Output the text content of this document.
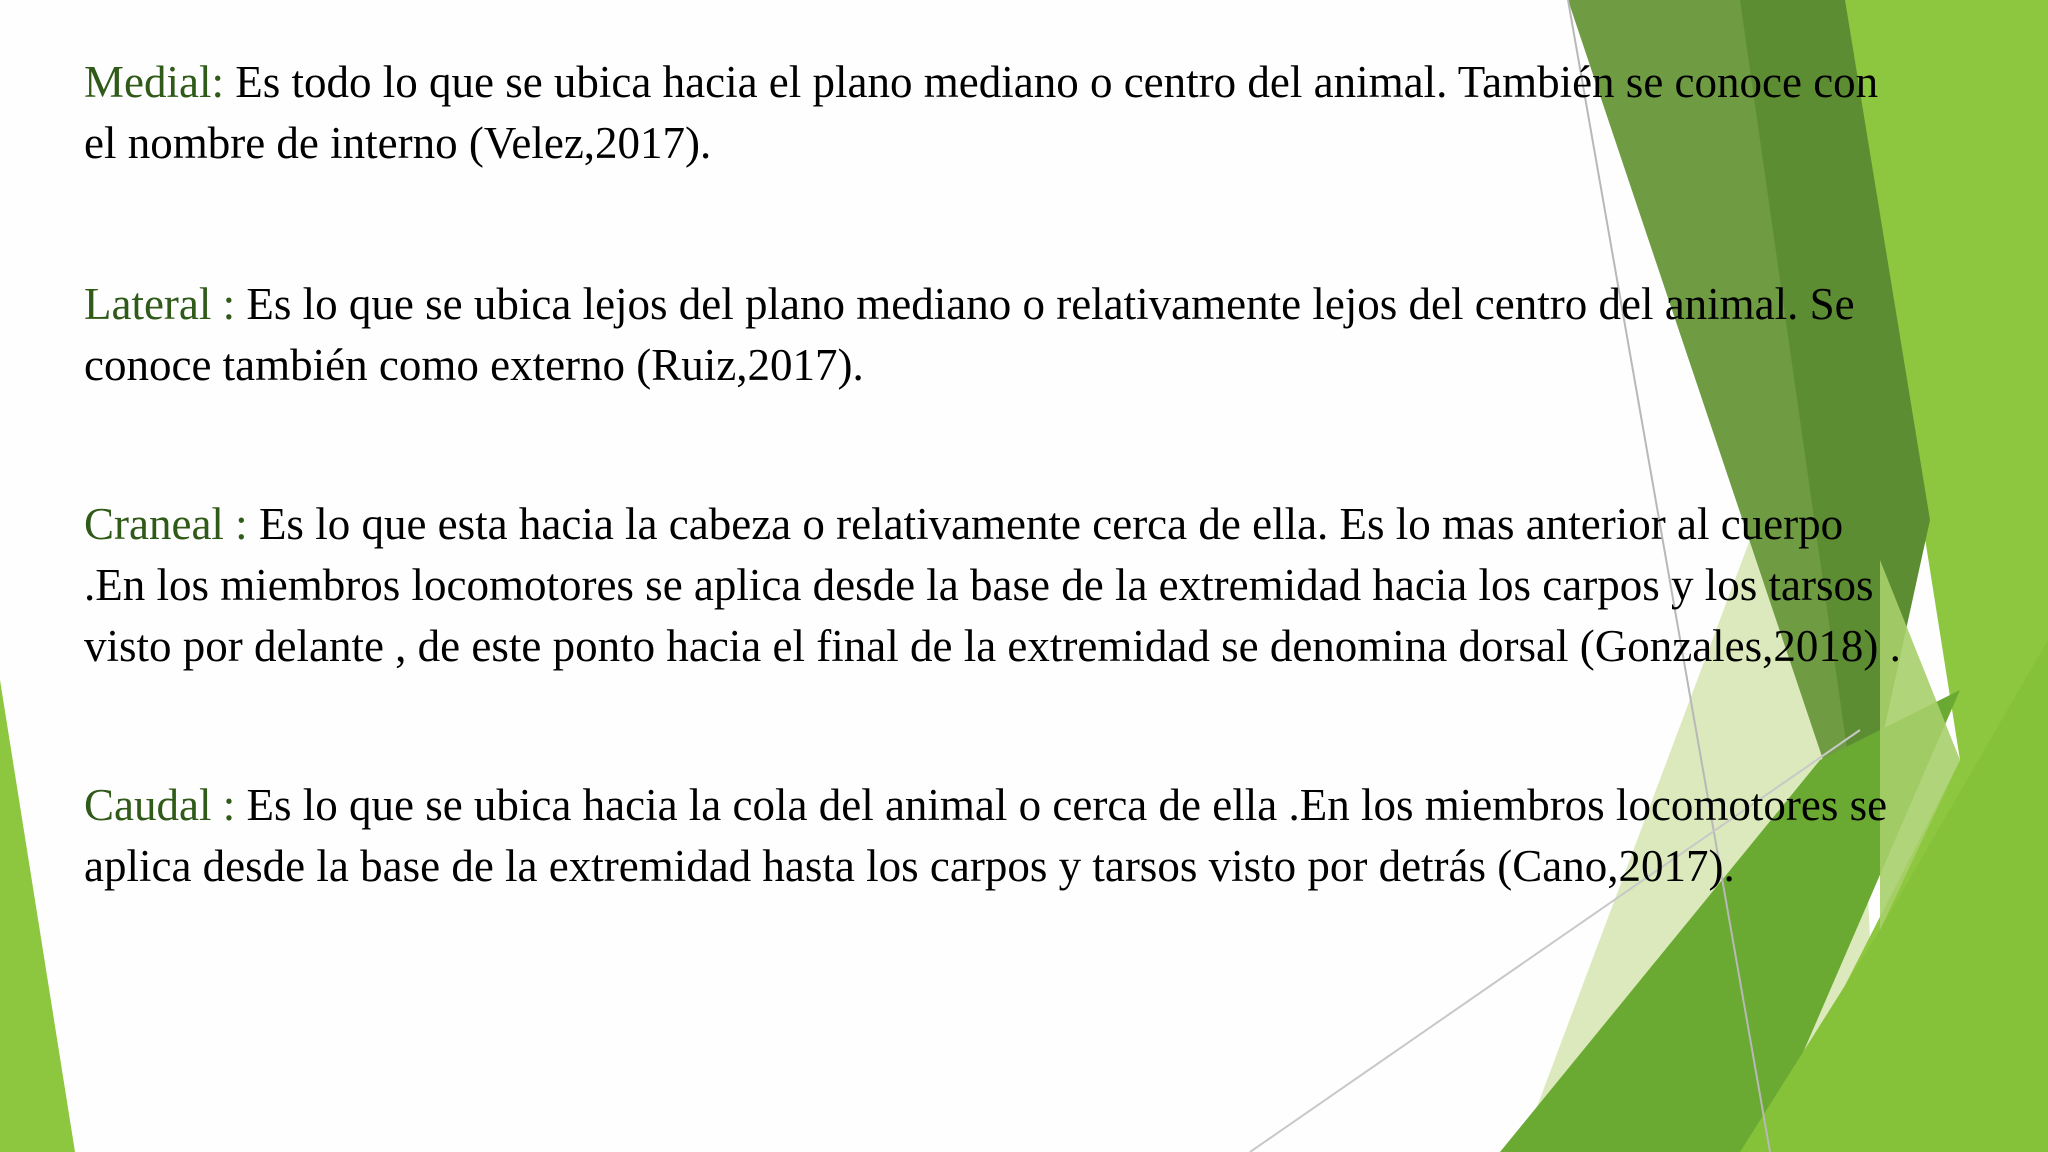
Medial: Es todo lo que se ubica hacia el plano mediano o centro del animal. También se conoce con el nombre de interno (Velez,2017).

Lateral : Es lo que se ubica lejos del plano mediano o relativamente lejos del centro del animal. Se conoce también como externo (Ruiz,2017).

Craneal : Es lo que esta hacia la cabeza o relativamente cerca de ella. Es lo mas anterior al cuerpo .En los miembros locomotores se aplica desde la base de la extremidad hacia los carpos y los tarsos visto por delante , de este ponto hacia el final de la extremidad se denomina dorsal (Gonzales,2018) .

Caudal : Es lo que se ubica hacia la cola del animal o cerca de ella .En los miembros locomotores se aplica desde la base de la extremidad hasta los carpos y tarsos visto por detrás (Cano,2017).
